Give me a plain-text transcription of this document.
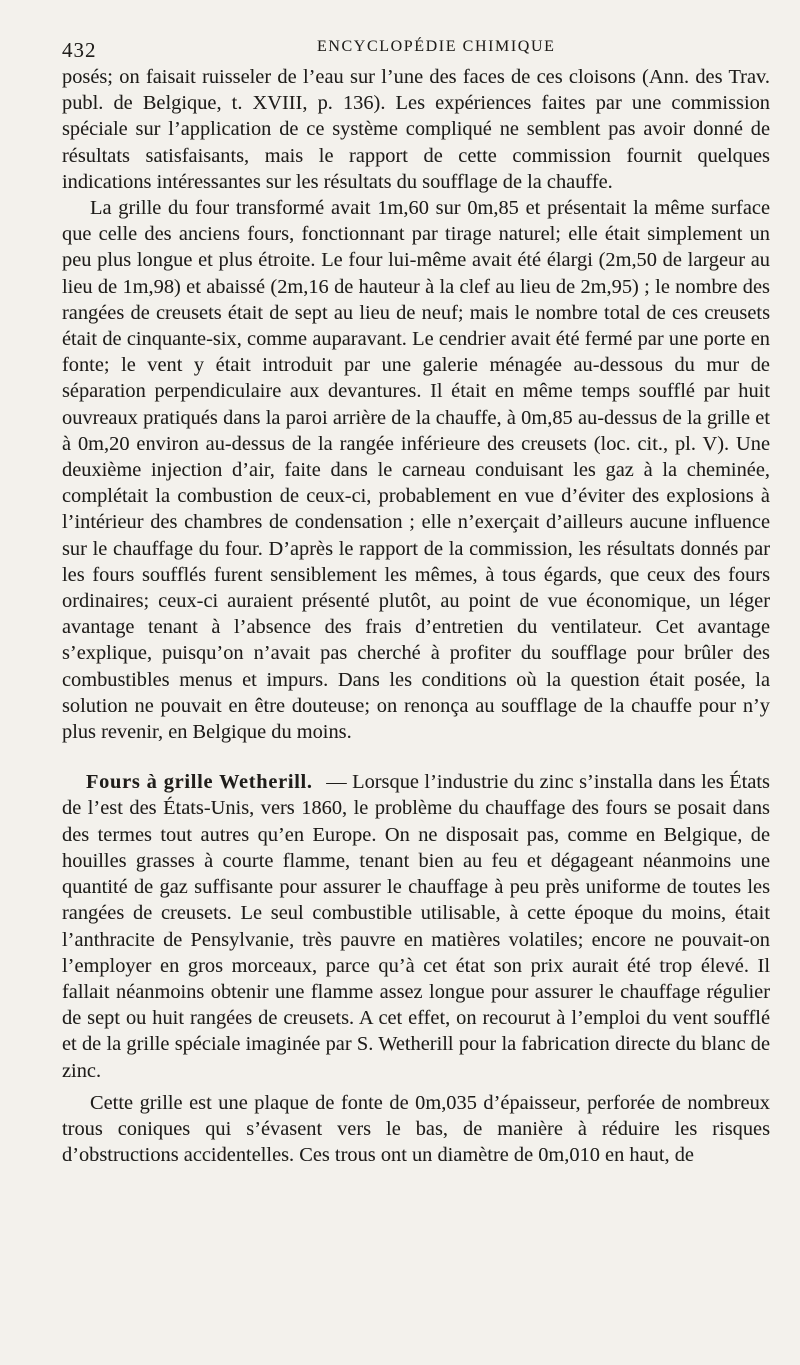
432	ENCYCLOPÉDIE CHIMIQUE

posés; on faisait ruisseler de l’eau sur l’une des faces de ces cloisons (Ann. des Trav. publ. de Belgique, t. XVIII, p. 136). Les expériences faites par une commission spéciale sur l’application de ce système compliqué ne semblent pas avoir donné de résultats satisfaisants, mais le rapport de cette commission fournit quelques indications intéressantes sur les résultats du soufflage de la chauffe.

La grille du four transformé avait 1m,60 sur 0m,85 et présentait la même surface que celle des anciens fours, fonctionnant par tirage naturel; elle était simplement un peu plus longue et plus étroite. Le four lui-même avait été élargi (2m,50 de largeur au lieu de 1m,98) et abaissé (2m,16 de hauteur à la clef au lieu de 2m,95) ; le nombre des rangées de creusets était de sept au lieu de neuf; mais le nombre total de ces creusets était de cinquante-six, comme auparavant. Le cendrier avait été fermé par une porte en fonte; le vent y était introduit par une galerie ménagée au-dessous du mur de séparation perpendiculaire aux devantures. Il était en même temps soufflé par huit ouvreaux pratiqués dans la paroi arrière de la chauffe, à 0m,85 au-dessus de la grille et à 0m,20 environ au-dessus de la rangée inférieure des creusets (loc. cit., pl. V). Une deuxième injection d’air, faite dans le carneau conduisant les gaz à la cheminée, complétait la combustion de ceux-ci, probablement en vue d’éviter des explosions à l’intérieur des chambres de condensation ; elle n’exerçait d’ailleurs aucune influence sur le chauffage du four. D’après le rapport de la commission, les résultats donnés par les fours soufflés furent sensiblement les mêmes, à tous égards, que ceux des fours ordinaires; ceux-ci auraient présenté plutôt, au point de vue économique, un léger avantage tenant à l’absence des frais d’entretien du ventilateur. Cet avantage s’explique, puisqu’on n’avait pas cherché à profiter du soufflage pour brûler des combustibles menus et impurs. Dans les conditions où la question était posée, la solution ne pouvait en être douteuse; on renonça au soufflage de la chauffe pour n’y plus revenir, en Belgique du moins.

Fours à grille Wetherill. — Lorsque l’industrie du zinc s’installa dans les États de l’est des États-Unis, vers 1860, le problème du chauffage des fours se posait dans des termes tout autres qu’en Europe. On ne disposait pas, comme en Belgique, de houilles grasses à courte flamme, tenant bien au feu et dégageant néanmoins une quantité de gaz suffisante pour assurer le chauffage à peu près uniforme de toutes les rangées de creusets. Le seul combustible utilisable, à cette époque du moins, était l’anthracite de Pensylvanie, très pauvre en matières volatiles; encore ne pouvait-on l’employer en gros morceaux, parce qu’à cet état son prix aurait été trop élevé. Il fallait néanmoins obtenir une flamme assez longue pour assurer le chauffage régulier de sept ou huit rangées de creusets. A cet effet, on recourut à l’emploi du vent soufflé et de la grille spéciale imaginée par S. Wetherill pour la fabrication directe du blanc de zinc.

Cette grille est une plaque de fonte de 0m,035 d’épaisseur, perforée de nombreux trous coniques qui s’évasent vers le bas, de manière à réduire les risques d’obstructions accidentelles. Ces trous ont un diamètre de 0m,010 en haut, de
